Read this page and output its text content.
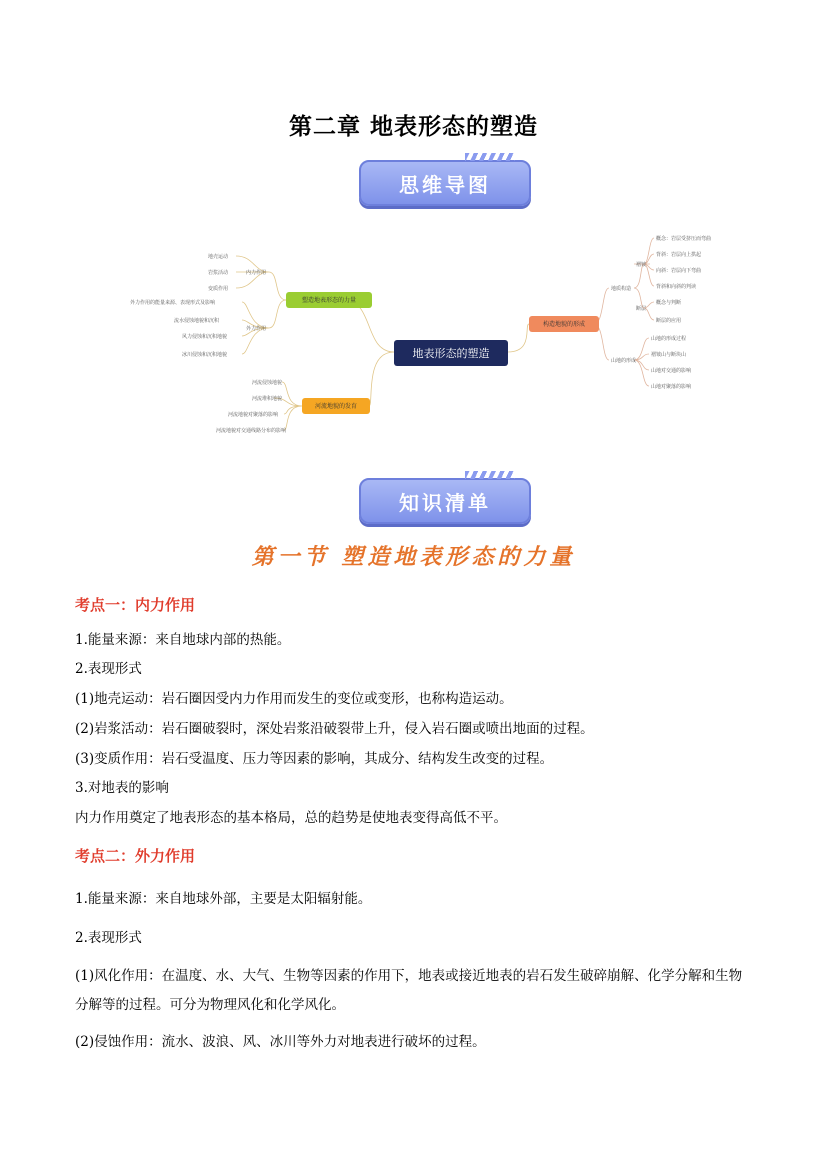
第二章 地表形态的塑造
思维导图
地表形态的塑造
塑造地表形态的力量
河流地貌的发育
构造地貌的形成
内力作用
地壳运动
岩浆活动
变质作用
外力作用
外力作用的能量来源、表现形式及影响
流水侵蚀地貌和沉积
风力侵蚀和沉积地貌
冰川侵蚀和沉积地貌
河流侵蚀地貌
河流堆积地貌
河流地貌对聚落的影响
河流地貌对交通线路分布的影响
地质构造
褶皱
概念：岩层受挤压而弯曲
背斜：岩层向上拱起
向斜：岩层向下弯曲
背斜和向斜的判读
断层
概念与判断
断层的应用
山地的形成
山地的形成过程
褶皱山与断块山
山地对交通的影响
山地对聚落的影响
知识清单
第一节 塑造地表形态的力量
考点一：内力作用
1.能量来源：来自地球内部的热能。
2.表现形式
(1)地壳运动：岩石圈因受内力作用而发生的变位或变形，也称构造运动。
(2)岩浆活动：岩石圈破裂时，深处岩浆沿破裂带上升，侵入岩石圈或喷出地面的过程。
(3)变质作用：岩石受温度、压力等因素的影响，其成分、结构发生改变的过程。
3.对地表的影响
内力作用奠定了地表形态的基本格局，总的趋势是使地表变得高低不平。
考点二：外力作用
1.能量来源：来自地球外部，主要是太阳辐射能。
2.表现形式
(1)风化作用：在温度、水、大气、生物等因素的作用下，地表或接近地表的岩石发生破碎崩解、化学分解和生物分解等的过程。可分为物理风化和化学风化。
(2)侵蚀作用：流水、波浪、风、冰川等外力对地表进行破坏的过程。
